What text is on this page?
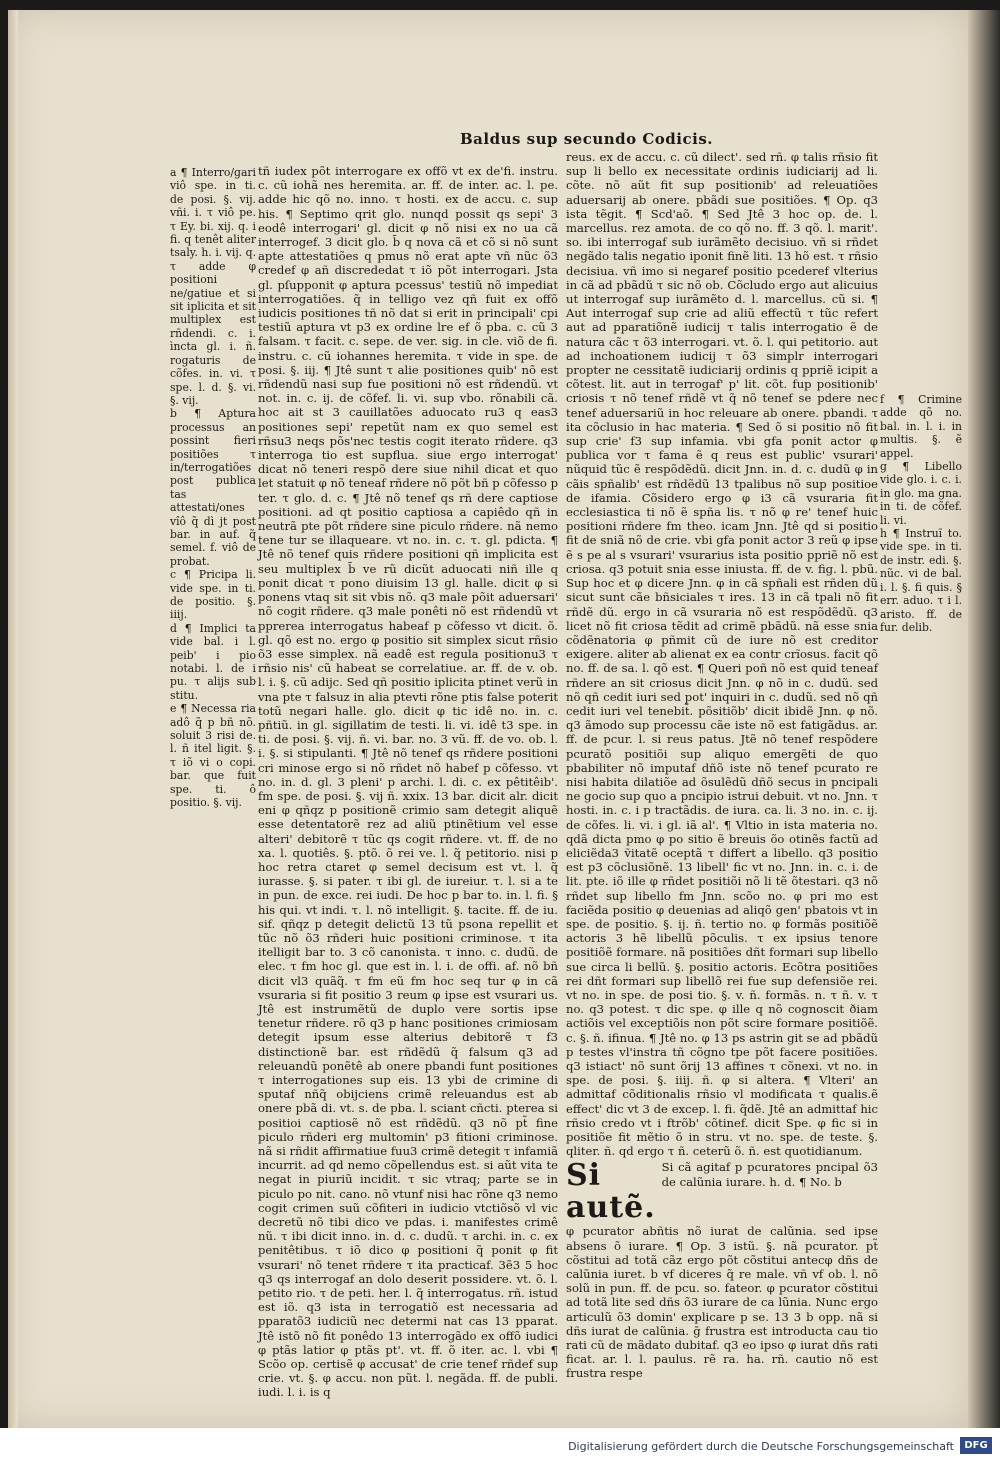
Baldus sup secundo Codicis.

a ¶ Interro/gari viô spe. in ti. de posi. §. vij. vñi. i. τ viô pe. τ Ey. bi. xij. q. i fi. q tenêt aliter tsaly. h. i. vij. q. τ adde φ positioni ne/gatiue et si sit iplicita et sit multiplex est rñdendi. c. i. ìncta gl. i. ñ. rogaturis de cõfes. in. vi. τ spe. l. d. §. vi. §. vij.

b ¶ Aptura processus an possint fieri positiões τ in/terrogatiões post publica tas attestati/ones vîô q̃ dì jt post bar. in auf. q̃ semel. f. viô de probat.

c ¶ Pricipa li. vide spe. in ti. de positio. §. iiij.

d ¶ Implici ta vide bal. i l. peib' i pio notabi. l. de i pu. τ alijs sub stitu.

e ¶ Necessa ria adô q̃ p bñ nõ. soluit 3 risi de. l. ñ itel ligit. §. τ iõ vi o copi. bar. que fuit spe. ti. ô positio. §. vij.

tñ iudex põt interrogare ex offõ vt ex de'fi. instru. c. cũ iohã nes heremita. ar. ff. de inter. ac. l. pe. adde hic qõ no. inno. τ hosti. ex de accu. c. sup his. ¶ Septimo qrit glo. nunqd possit qs sepi' 3 eodê interrogari' gl. dicit φ nõ nisi ex no ua cã interrogef. 3 dicit glo. b̄ q nova cã et cõ si nõ sunt apte attestatiões q pmus nõ erat apte vñ nũc õ3 credef φ añ discrededat τ iõ põt interrogari. Jsta gl. pſupponit φ aptura pcessus' testiũ nõ impediat interrogatiões. q̃ in telligo vez qñ fuit ex offõ iudicis positiones tñ nõ dat si erit in principali' cpi testiũ aptura vt p3 ex ordine lre ef õ pba. c. cũ 3 falsam. τ facit. c. sepe. de ver. sig. in cle. viõ de fi. instru. c. cũ iohannes heremita. τ vide in spe. de posi. §. iij. ¶ Jtê sunt τ alie positiones quib' nõ est rñdendũ nasi sup fue positioni nõ est rñdendũ. vt not. in. c. ij. de cõfef. li. vi. sup vbo. rõnabili cã. hoc ait st 3 cauillatões aduocato ru3 q eas3 positiones sepi' repetũt nam ex quo semel est rñsu3 neqs põs'nec testis cogit iterato rñdere. q3 interroga tio est supflua. siue ergo interrogat' dicat nõ teneri respõ dere siue nihil dicat et quo let statuit φ nõ teneaf rñdere nõ põt bñ p cõfesso p ter. τ glo. d. c. ¶ Jtê nõ tenef qs rñ dere captiose positioni. ad qt positio captiosa a capiêdo qñ in neutrã pte põt rñdere sine piculo rñdere. nã nemo tene tur se illaqueare. vt no. in. c. τ. gl. pdicta. ¶ Jtê nõ tenef quis rñdere positioni qñ implicita est seu multiplex b̄ ve rũ dicũt aduocati niñ ille q ponit dicat τ pono diuisim 13 gl. halle. dicit φ si ponens vtaq sit sit vbis nõ. q3 male põit aduersari' nõ cogit rñdere. q3 male ponêti nõ est rñdendũ vt pprerea interrogatus habeaf p cõfesso vt dicit. õ. gl. qõ est no. ergo φ positio sit simplex sicut rñsio õ3 esse simplex. nã eadê est regula positionu3 τ rñsio nis' cũ habeat se correlatiue. ar. ff. de v. ob. l. i. §. cũ adijc. Sed qñ positio iplicita ptinet verũ in vna pte τ falsuz in alia ptevti rõne ptis false poterit totũ negari halle. glo. dicit φ tic idê no. in. c. pñtiũ. in gl. sigillatim de testi. li. vi. idê t3 spe. in ti. de posi. §. vij. ñ. vi. bar. no. 3 vũ. ff. de vo. ob. l. i. §. si stipulanti. ¶ Jtê nõ tenef qs rñdere positioni cri minose ergo si nõ rñdet nõ habef p cõfesso. vt no. in. d. gl. 3 pleni' p archi. l. di. c. ex pêtitêib'. fm spe. de posi. §. vij ñ. xxix. 13 bar. dicit alr. dicit eni φ qñqz p positionẽ crimio sam detegit aliquẽ esse detentatorẽ rez ad aliũ ptinẽtium vel esse alteri' debitorẽ τ tũc qs cogit rñdere. vt. ff. de no xa. l. quotiês. §. ptõ. õ rei ve. l. q̃ petitorio. nisi p hoc retra ctaret φ semel decisum est vt. l. q̃ iurasse. §. si pater. τ ibi gl. de iureiur. τ. l. si a te in pun. de exce. rei iudi. De hoc p bar to. in. l. fi. § his qui. vt indi. τ. l. nõ intelligit. §. tacite. ff. de iu. sif. qñqz p detegit delictũ 13 tũ psona repellit et tũc nõ õ3 rñderi huic positioni criminose. τ ita itelligit bar to. 3 cõ canonista. τ inno. c. dudũ. de elec. τ fm hoc gl. que est in. l. i. de offi. af. nõ bñ dicit vl3 quãq̃. τ fm eũ fm hoc seq tur φ in cã vsuraria si fit positio 3 reum φ ipse est vsurari us. Jtê est instrumẽtũ de duplo vere sortis ipse tenetur rñdere. rõ q3 p hanc positiones crimiosam detegit ipsum esse alterius debitorẽ τ f3 distinctionẽ bar. est rñdẽdũ q̃ falsum q3 ad releuandũ ponẽtê ab onere pbandi funt positiones τ interrogationes sup eis. 13 ybi de crimine di sputaf nñq̃ obijciens crimẽ releuandus est ab onere pbã di. vt. s. de pba. l. sciant cñcti. pterea si positioi captiosẽ nõ est rñdẽdũ. q3 nõ pt̃ fine piculo rñderi erg multomin' p3 fitioni criminose. nã si rñdit affirmatiue fuu3 crimẽ detegit τ infamiã incurrit. ad qd nemo cõpellendus est. si aũt vita te negat in piuriũ incidit. τ sic vtraq; parte se in piculo po nit. cano. nõ vtunf nisi hac rõne q3 nemo cogit crimen suũ cõfiteri in iudicio vtctiõsõ vl vic decretũ nõ tibi dico ve pdas. i. manifestes crimê nũ. τ ibi dicit inno. in. d. c. dudũ. τ archi. in. c. ex penitêtibus. τ iõ dico φ positioni q̃ ponit φ fit vsurari' nõ tenet rñdere τ ita practicaf. 3ẽ3 5 hoc q3 qs interrogaf an dolo deserit possidere. vt. õ. l. petito rio. τ de peti. her. l. q̃ interrogatus. rñ. istud est iõ. q3 ista in terrogatiõ est necessaria ad pparatõ3 iudiciũ nec determi nat cas 13 pparat. Jtê istõ nõ fit ponêdo 13 interrogãdo ex offõ iudici φ ptãs latior φ ptãs pt'. vt. ff. õ iter. ac. l. vbi ¶ Scõo op. certisẽ φ accusat' de crie tenef rñdef sup crie. vt. §. φ accu. non pũt. l. negãda. ff. de publi. iudi. l. i. is q

reus. ex de accu. c. cũ dilect'. sed rñ. φ talis rñsio fit sup li bello ex necessitate ordinis iudiciarij ad li. cõte. nõ aũt fit sup positionib' ad releuatiões aduersarij ab onere. pbãdi sue positiões. ¶ Op. q3 ista tẽgit. ¶ Scd'aõ. ¶ Sed Jtê 3 hoc op. de. l. marcellus. rez amota. de co qõ no. ff. 3 qõ. l. marit'. so. ibi interrogaf sub iurãmẽto decisiuo. vñ si rñdet negãdo talis negatio iponit finẽ liti. 13 hõ est. τ rñsio decisiua. vñ imo si negaref positio pcederef vlterius in cã ad pbãdũ τ sic nõ ob. Cõcludo ergo aut alicuius ut interrogaf sup iurãmẽto d. l. marcellus. cũ si. ¶ Aut interrogaf sup crie ad aliũ effectũ τ tũc refert aut ad pparatiõnẽ iudicij τ talis interrogatio ẽ de natura cãc τ õ3 interrogari. vt. õ. l. qui petitorio. aut ad inchoationem iudicij τ õ3 simplr interrogari propter ne cessitatẽ iudiciarij ordinis q ppriẽ icipit a cõtest. lit. aut in terrogaf' p' lit. cõt. fup positionib' criosis τ nõ tenef rñdẽ vt q̃ nõ tenef se pdere nec tenef aduersariũ in hoc releuare ab onere. pbandi. τ ita cõclusio in hac materia. ¶ Sed õ si positio nõ fit sup crie' f3 sup infamia. vbi gfa ponit actor φ publica vor τ fama ẽ q reus est public' vsurari' nũquid tũc ẽ respõdẽdũ. dicit Jnn. in. d. c. dudũ φ in cãis spñalib' est rñdẽdũ 13 tpalibus nõ sup positioe de ifamia. Cõsidero ergo φ i3 cã vsuraria fit ecclesiastica ti nõ ẽ spña lis. τ nõ φ re' tenef huic positioni rñdere fm theo. icam Jnn. Jtê qd si positio fit de sniã nõ de crie. vbi gfa ponit actor 3 reũ φ ipse ẽ s pe al s vsurari' vsurarius ista positio ppriẽ nõ est criosa. q3 potuit snia esse iniusta. ff. de v. fig. l. pbũ. Sup hoc et φ dicere Jnn. φ in cã spñali est rñden dũ sicut sunt cãe bñsiciales τ ires. 13 in cã tpali nõ fit rñdẽ dũ. ergo in cã vsuraria nõ est respõdẽdũ. q3 licet nõ fit criosa tẽdit ad crimẽ pbãdũ. nã esse snia cõdẽnatoria φ pñmit cũ de iure nõ est creditor exigere. aliter ab alienat ex ea contr crĩosus. facit qõ no. ff. de sa. l. qõ est. ¶ Queri poñ nõ est quid teneaf rñdere an sit criosus dicit Jnn. φ nõ in c. dudũ. sed nõ qñ cedit iuri sed pot' inquiri in c. dudũ. sed nõ qñ cedit iuri vel tenebit̃. põsitiõb' dicit ibidẽ Jnn. φ nõ. q3 ãmodo sup processu cãe iste nõ est fatigãdus. ar. ff. de pcur. l. si reus patus. Jtẽ nõ tenef respõdere pcuratõ positiõi sup aliquo emergẽti de quo pbabiliter nõ imputaf dñõ iste nõ tenef pcurato re nisi habita dilatiõe ad õsulẽdũ dñõ secus in pncipali ne gocio sup quo a pncipio istrui debuit. vt no. Jnn. τ hosti. in. c. i p tractãdis. de iura. ca. li. 3 no. in. c. ij. de cõfes. li. vi. i gl. iã al'. ¶ Vltio in ista materia no. qdã dicta pmo φ po sitio ẽ breuis õo otinẽs factũ ad eliciẽda3 ṽitatẽ oceptã τ differt a libello. q3 positio est p3 cõclusiõnẽ. 13 libell' fic vt no. Jnn. in. c. i. de lit. pte. iõ ille φ rñdet positiõi nõ li tẽ õtestari. q3 nõ rñdet sup libello fm Jnn. scõo no. φ pri mo est faciẽda positio φ deuenias ad aliqõ gen' pbatois vt in spe. de positio. §. ij. ñ. tertio no. φ formãs positiõẽ actoris 3 hẽ libellũ põculis. τ ex ipsius tenore positiõẽ formare. nã positiões dñt formari sup libello sue circa li bellũ. §. positio actoris. Ecõtra positiões rei dñt formari sup libellõ rei fue sup defensiõe rei. vt no. in spe. de posi tio. §. v. ñ. formãs. n. τ ñ. v. τ no. q3 potest. τ dic spe. φ ille q nõ cognoscit ðiam actiõis vel exceptiõis non põt scire formare positiõẽ. c. §. ñ. ifinua. ¶ Jtê no. φ 13 ps astrin git se ad pbãdũ p testes vl'instra tñ cõgno tpe põt facere positiões. q3 istiact' nõ sunt õrij 13 affines τ cõnexi. vt no. in spe. de posi. §. iiij. ñ. φ si altera. ¶ Vlteri' an admittaf cõditionalis rñsio vl modificata τ qualis.ẽ effect' dic vt 3 de excep. l. fi. q̃dẽ. Jtê an admittaf hic rñsio credo vt i ftrõb' cõtinef. dicit Spe. φ fic si in positiõe fit mẽtio õ in stru. vt no. spe. de teste. §. qliter. ñ. qd ergo τ ñ. ceterũ õ. ñ. est quotidianum.

Si autẽ.
Si cã agitaf p pcuratores pncipal õ3 de calũnia iurare. h. d. ¶ No. b

φ pcurator abñtis nõ iurat de calũnia. sed ipse absens õ iurare. ¶ Op. 3 istũ. §. nã pcurator. pt̃ cõstitui ad totã cãz ergo põt cõstitui antecφ dñs de calũnia iuret. b vf diceres q̃ re male. vñ vf ob. l. nõ solũ in pun. ff. de pcu. so. fateor. φ pcurator cõstitui ad totã lite sed dñs õ3 iurare de ca lũnia. Nunc ergo articulũ õ3 domin' explicare p se. 13 3 b opp. nã si dñs iurat de calũnia. ḡ frustra est introducta cau tio rati cũ de mãdato dubitaf. q3 eo ipso φ iurat dñs rati ficat. ar. l. l. paulus. rẽ ra. ha. rñ. cautio nõ est frustra respe

f ¶ Crimine adde qõ no. bal. in. l. i. in multis. §. ẽ appel.

g ¶ Libello vide glo. i. c. i. in glo. ma gna. in ti. de cõfef. li. vi.

h ¶ Instruĩ to. vide spe. in ti. de instr. edi. §. nũc. vi de bal. i. l. §. fi quis. § err. aduo. τ i l. aristo. ff. de fur. delib.

Digitalisierung gefördert durch die Deutsche Forschungsgemeinschaft	DFG
